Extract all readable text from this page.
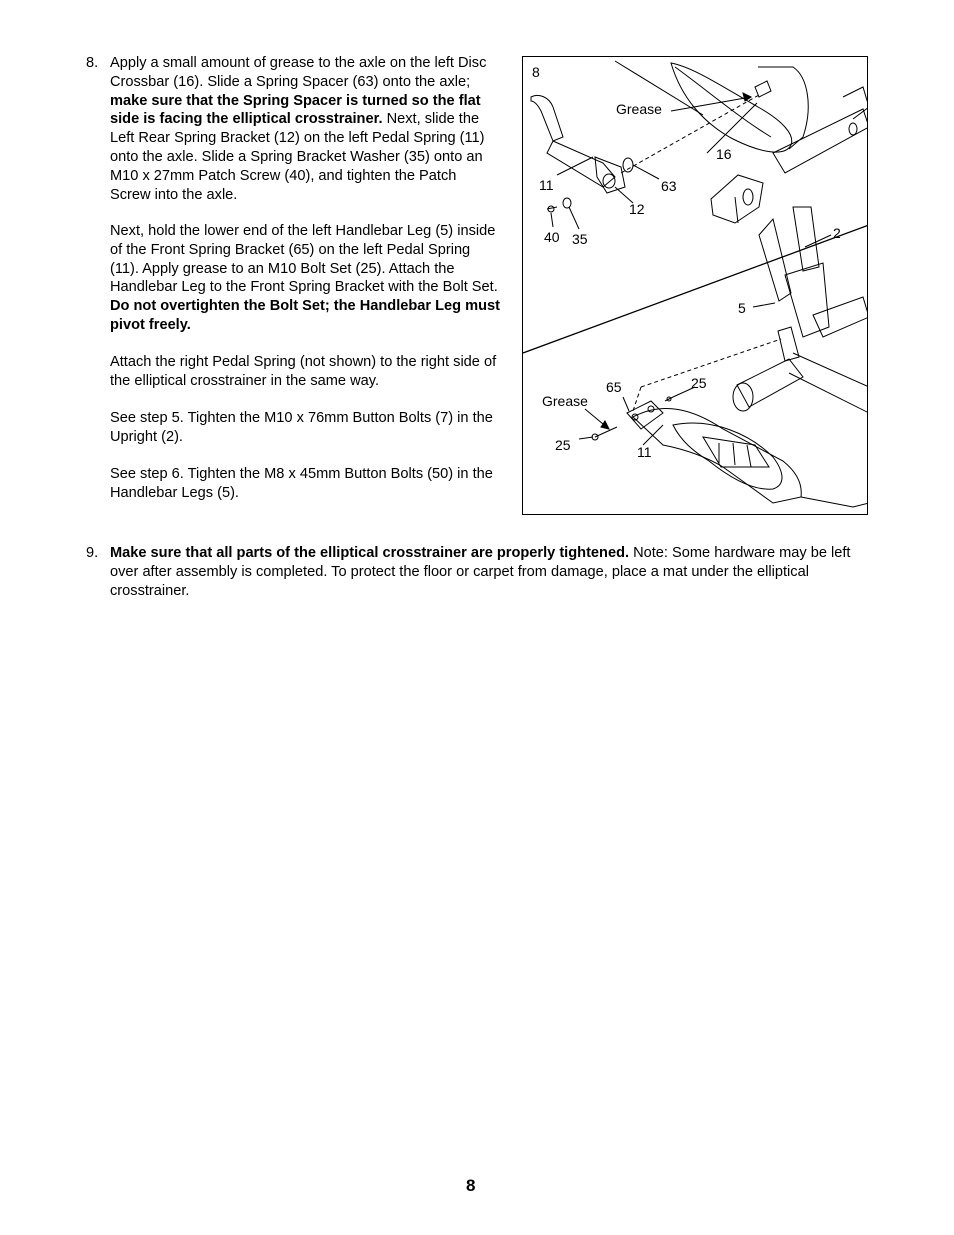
8. Apply a small amount of grease to the axle on the left Disc Crossbar (16). Slide a Spring Spacer (63) onto the axle; make sure that the Spring Spacer is turned so the flat side is facing the elliptical crosstrainer. Next, slide the Left Rear Spring Bracket (12) on the left Pedal Spring (11) onto the axle. Slide a Spring Bracket Washer (35) onto an M10 x 27mm Patch Screw (40), and tighten the Patch Screw into the axle.
Next, hold the lower end of the left Handlebar Leg (5) inside of the Front Spring Bracket (65) on the left Pedal Spring (11). Apply grease to an M10 Bolt Set (25). Attach the Handlebar Leg to the Front Spring Bracket with the Bolt Set. Do not overtighten the Bolt Set; the Handlebar Leg must pivot freely.
Attach the right Pedal Spring (not shown) to the right side of the elliptical crosstrainer in the same way.
See step 5. Tighten the M10 x 76mm Button Bolts (7) in the Upright (2).
See step 6. Tighten the M8 x 45mm Button Bolts (50) in the Handlebar Legs (5).
8
Grease
16
11	63
12
40 35	2
5
65	25
Grease
25	11
9. Make sure that all parts of the elliptical crosstrainer are properly tightened. Note: Some hardware may be left over after assembly is completed. To protect the floor or carpet from damage, place a mat under the elliptical crosstrainer.
8
